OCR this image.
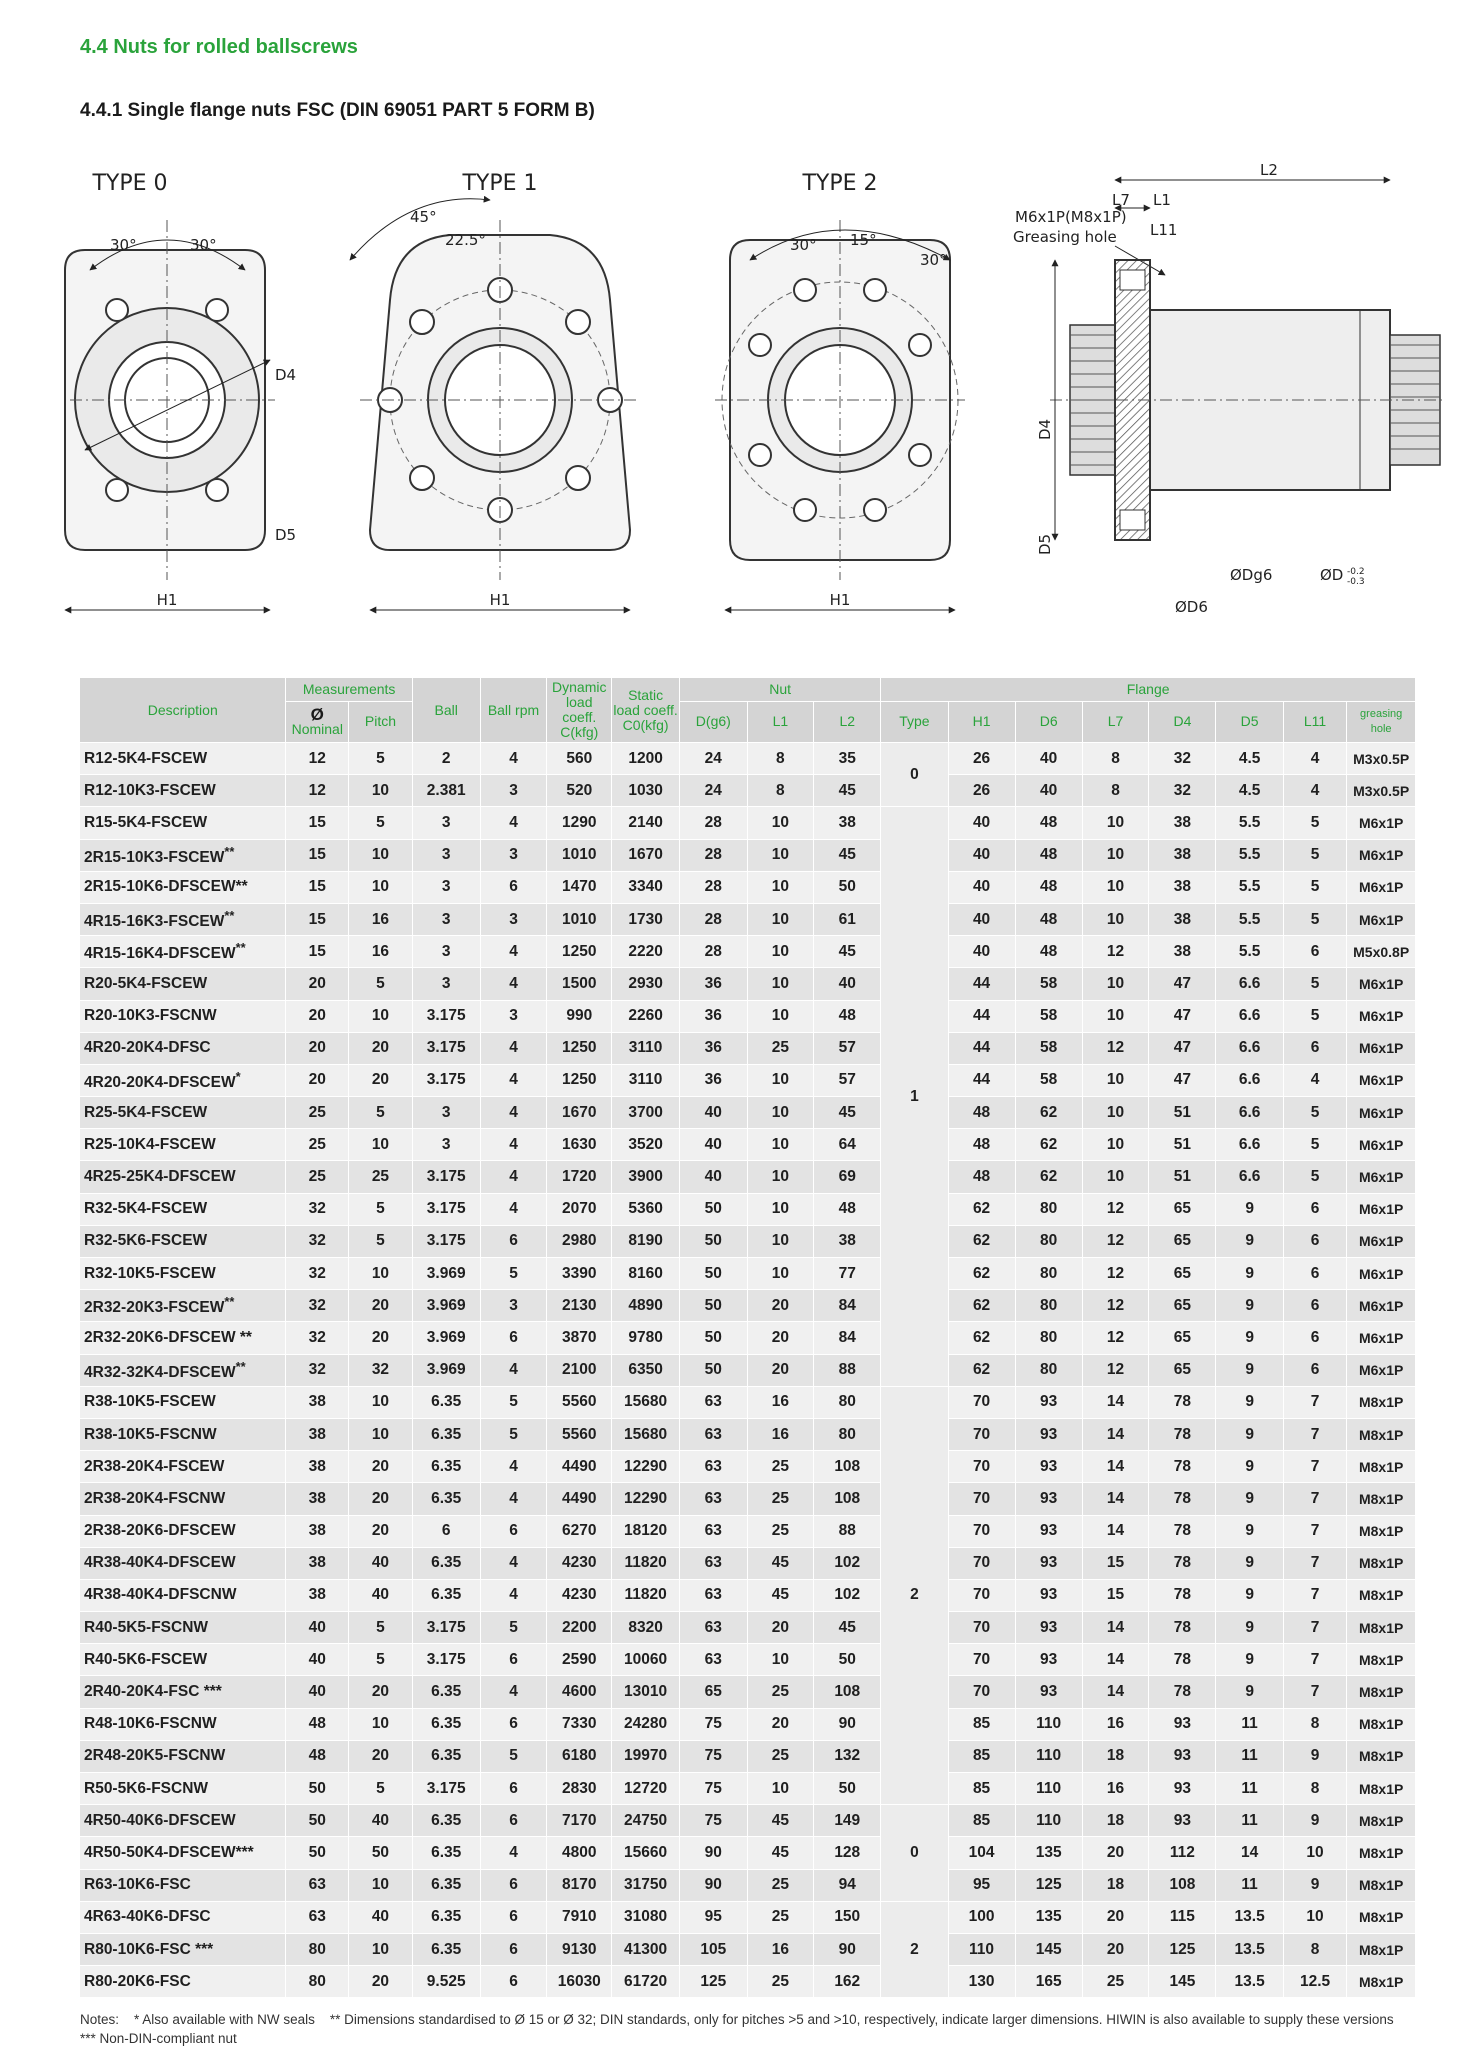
4.4 Nuts for rolled ballscrews
4.4.1 Single flange nuts FSC (DIN 69051 PART 5 FORM B)
TYPE 0
30°	30°
D4
D5
H1
TYPE 1
45°
22.5°
H1
TYPE 2
30° 15°
30°
H1
M6x1P(M8x1P)
Greasing hole
L2
L7 L1
L11
D4
D5
ØDg6	ØD -0.2
-0.3
ØD6
Description	Measurements		Ball	Ball rpm	Dynamic load coeff. C(kfg)	Static load coeff. C0(kfg)	Nut			Flange							

	Ø
Nominal	Pitch					D(g6)	L1	L2	Type	H1	D6	L7	D4	D5	L11	greasing hole
R12-5K4-FSCEW	12	5	2	4	560	1200	24	8	35	0	26	40	8	32	4.5	4	M3x0.5P
R12-10K3-FSCEW	12	10	2.381	3	520	1030	24	8	45		26	40	8	32	4.5	4	M3x0.5P
R15-5K4-FSCEW	15	5	3	4	1290	2140	28	10	38	1	40	48	10	38	5.5	5	M6x1P
2R15-10K3-FSCEW**	15	10	3	3	1010	1670	28	10	45		40	48	10	38	5.5	5	M6x1P
2R15-10K6-DFSCEW**	15	10	3	6	1470	3340	28	10	50		40	48	10	38	5.5	5	M6x1P
4R15-16K3-FSCEW**	15	16	3	3	1010	1730	28	10	61		40	48	10	38	5.5	5	M6x1P
4R15-16K4-DFSCEW**	15	16	3	4	1250	2220	28	10	45		40	48	12	38	5.5	6	M5x0.8P
R20-5K4-FSCEW	20	5	3	4	1500	2930	36	10	40		44	58	10	47	6.6	5	M6x1P
R20-10K3-FSCNW	20	10	3.175	3	990	2260	36	10	48		44	58	10	47	6.6	5	M6x1P
4R20-20K4-DFSC	20	20	3.175	4	1250	3110	36	25	57		44	58	12	47	6.6	6	M6x1P
4R20-20K4-DFSCEW*	20	20	3.175	4	1250	3110	36	10	57		44	58	10	47	6.6	4	M6x1P
R25-5K4-FSCEW	25	5	3	4	1670	3700	40	10	45		48	62	10	51	6.6	5	M6x1P
R25-10K4-FSCEW	25	10	3	4	1630	3520	40	10	64		48	62	10	51	6.6	5	M6x1P
4R25-25K4-DFSCEW	25	25	3.175	4	1720	3900	40	10	69		48	62	10	51	6.6	5	M6x1P
R32-5K4-FSCEW	32	5	3.175	4	2070	5360	50	10	48		62	80	12	65	9	6	M6x1P
R32-5K6-FSCEW	32	5	3.175	6	2980	8190	50	10	38		62	80	12	65	9	6	M6x1P
R32-10K5-FSCEW	32	10	3.969	5	3390	8160	50	10	77		62	80	12	65	9	6	M6x1P
2R32-20K3-FSCEW**	32	20	3.969	3	2130	4890	50	20	84		62	80	12	65	9	6	M6x1P
2R32-20K6-DFSCEW **	32	20	3.969	6	3870	9780	50	20	84		62	80	12	65	9	6	M6x1P
4R32-32K4-DFSCEW**	32	32	3.969	4	2100	6350	50	20	88		62	80	12	65	9	6	M6x1P
R38-10K5-FSCEW	38	10	6.35	5	5560	15680	63	16	80	2	70	93	14	78	9	7	M8x1P
R38-10K5-FSCNW	38	10	6.35	5	5560	15680	63	16	80		70	93	14	78	9	7	M8x1P
2R38-20K4-FSCEW	38	20	6.35	4	4490	12290	63	25	108		70	93	14	78	9	7	M8x1P
2R38-20K4-FSCNW	38	20	6.35	4	4490	12290	63	25	108		70	93	14	78	9	7	M8x1P
2R38-20K6-DFSCEW	38	20	6	6	6270	18120	63	25	88		70	93	14	78	9	7	M8x1P
4R38-40K4-DFSCEW	38	40	6.35	4	4230	11820	63	45	102		70	93	15	78	9	7	M8x1P
4R38-40K4-DFSCNW	38	40	6.35	4	4230	11820	63	45	102		70	93	15	78	9	7	M8x1P
R40-5K5-FSCNW	40	5	3.175	5	2200	8320	63	20	45		70	93	14	78	9	7	M8x1P
R40-5K6-FSCEW	40	5	3.175	6	2590	10060	63	10	50		70	93	14	78	9	7	M8x1P
2R40-20K4-FSC ***	40	20	6.35	4	4600	13010	65	25	108		70	93	14	78	9	7	M8x1P
R48-10K6-FSCNW	48	10	6.35	6	7330	24280	75	20	90		85	110	16	93	11	8	M8x1P
2R48-20K5-FSCNW	48	20	6.35	5	6180	19970	75	25	132		85	110	18	93	11	9	M8x1P
R50-5K6-FSCNW	50	5	3.175	6	2830	12720	75	10	50		85	110	16	93	11	8	M8x1P
4R50-40K6-DFSCEW	50	40	6.35	6	7170	24750	75	45	149	0	85	110	18	93	11	9	M8x1P
4R50-50K4-DFSCEW***	50	50	6.35	4	4800	15660	90	45	128		104	135	20	112	14	10	M8x1P
R63-10K6-FSC	63	10	6.35	6	8170	31750	90	25	94		95	125	18	108	11	9	M8x1P
4R63-40K6-DFSC	63	40	6.35	6	7910	31080	95	25	150	2	100	135	20	115	13.5	10	M8x1P
R80-10K6-FSC ***	80	10	6.35	6	9130	41300	105	16	90		110	145	20	125	13.5	8	M8x1P
R80-20K6-FSC	80	20	9.525	6	16030	61720	125	25	162		130	165	25	145	13.5	12.5	M8x1P
Notes: * Also available with NW seals ** Dimensions standardised to Ø 15 or Ø 32; DIN standards, only for pitches >5 and >10, respectively, indicate larger dimensions. HIWIN is also available to supply these versions
*** Non-DIN-compliant nut
